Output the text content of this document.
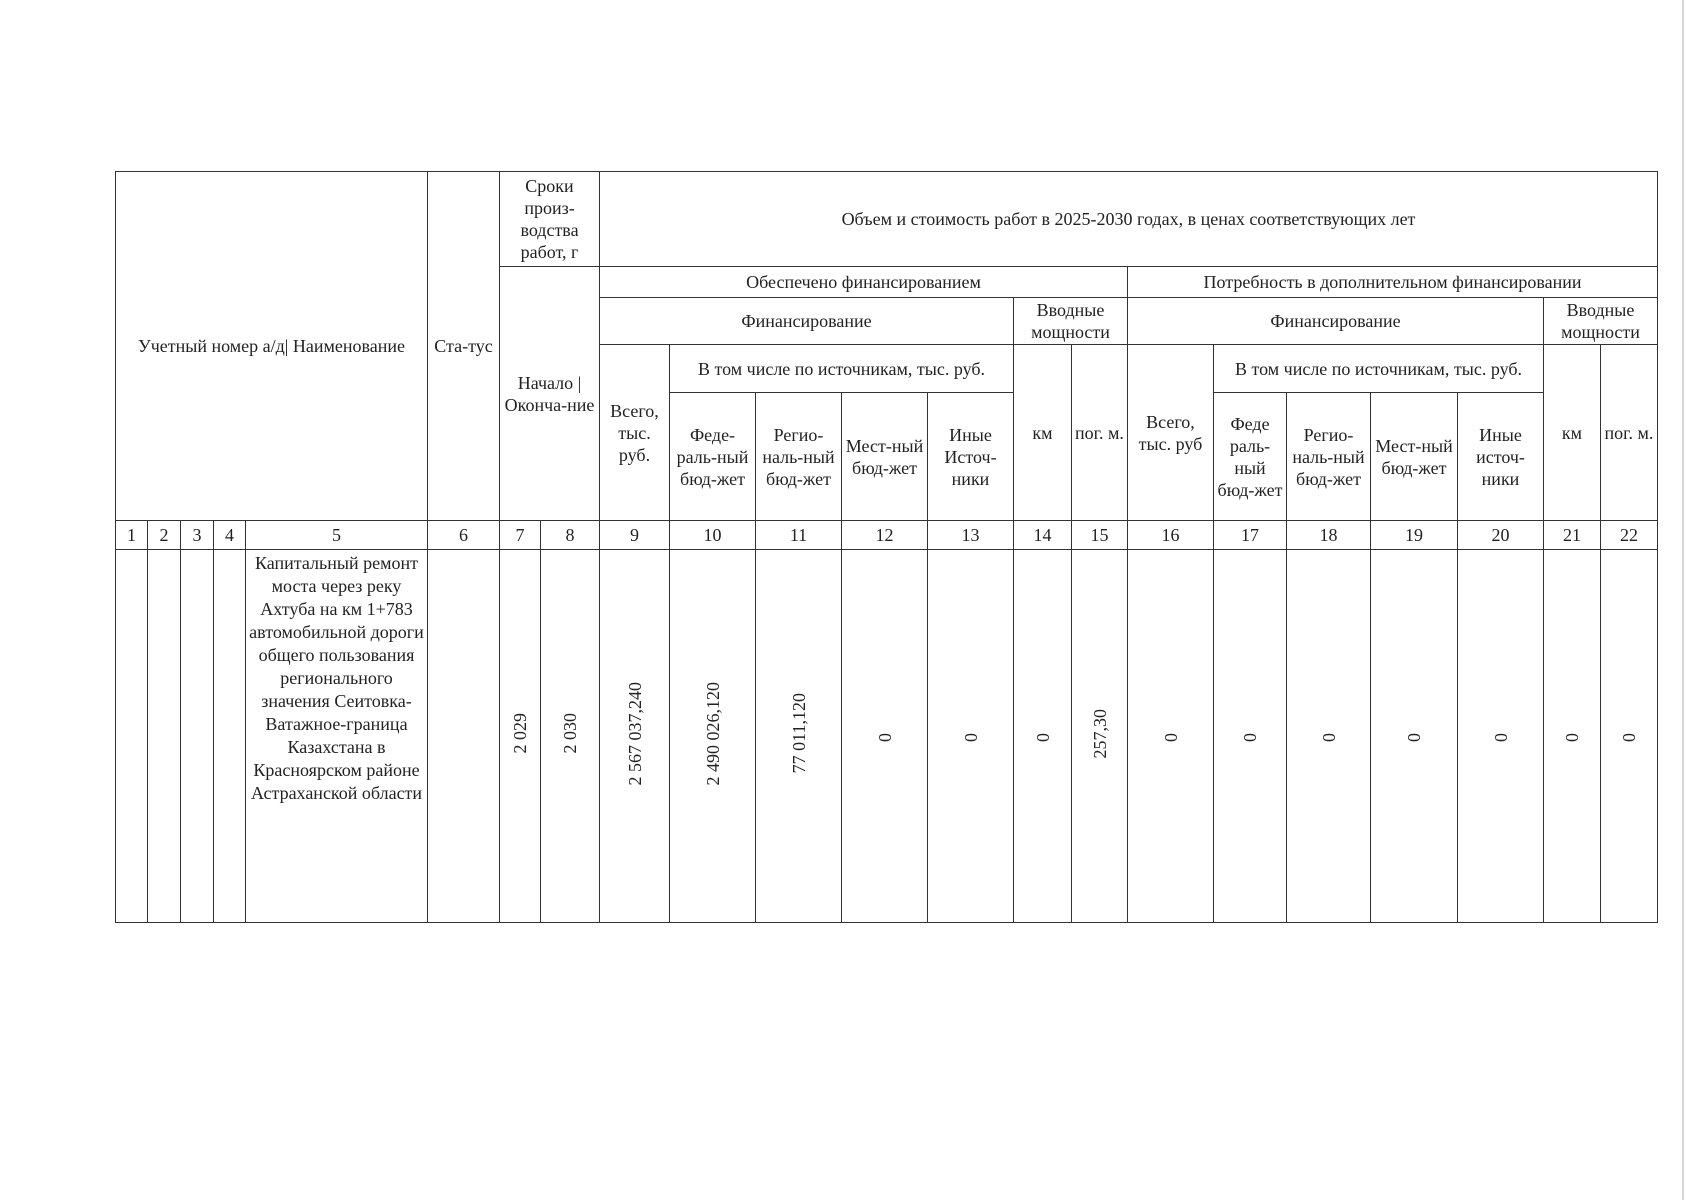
Учетный номер а/д| Наименование					Ста-тус	Сроки произ-водства работ, г		Объем и стоимость работ в 2025-2030 годах, в ценах соответствующих лет													
						Начало | Оконча-ние		Обеспечено финансированием							Потребность в дополнительном финансировании						
								Финансирование					Вводные мощности		Финансирование					Вводные мощности	
								Всего, тыс. руб.	В том числе по источникам, тыс. руб.				км	пог. м.	Всего, тыс. руб	В том числе по источникам, тыс. руб.				км	пог. м.
									Феде-раль-ный бюд-жет	Регио-наль-ный бюд-жет	Мест-ный бюд-жет	Иные Источ-ники				Феде раль-ный бюд-жет	Регио-наль-ный бюд-жет	Мест-ный бюд-жет	Иные источ-ники		
1	2	3	4	5	6	7	8	9	10	11	12	13	14	15	16	17	18	19	20	21	22
				Капитальный ремонт моста через реку Ахтуба на км 1+783 автомобильной дороги общего пользования регионального значения Сеитовка-Ватажное-граница Казахстана в Красноярском районе Астраханской области		2 029	2 030	2 567 037,240	2 490 026,120	77 011,120	0	0	0	257,30	0	0	0	0	0	0	0
